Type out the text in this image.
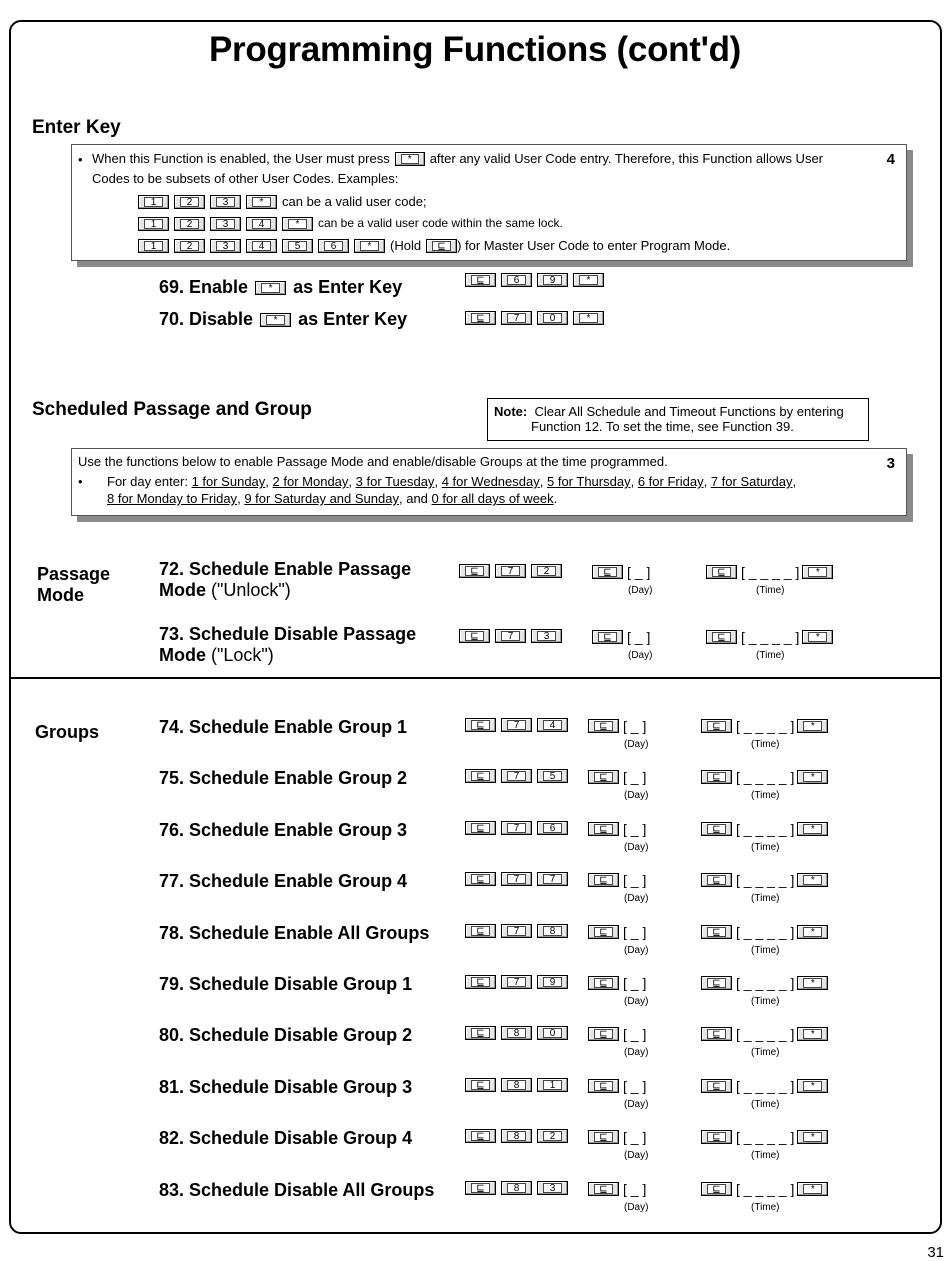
Programming Functions (cont'd)
Enter Key
4
• When this Function is enabled, the User must press	*	after any valid User Code entry. Therefore, this Function allows User
Codes to be subsets of other User Codes. Examples:
1	2	3	*	can be a valid user code;
1	2	3	4	*	can be a valid user code within the same lock.
1	2	3	4	5	6	*	(Hold	⊑ ) for Master User Code to enter Program Mode.
69. Enable	*	as Enter Key	⊑	6	9	*
70. Disable	*	as Enter Key	⊑	7	0	*
Scheduled Passage and Group	Note: Clear All Schedule and Timeout Functions by entering
Function 12. To set the time, see Function 39.
3
Use the functions below to enable Passage Mode and enable/disable Groups at the time programmed.
• For day enter:
1 for Sunday ,
2 for Monday ,
3 for Tuesday ,
4 for Wednesday ,
5 for Thursday ,
6 for Friday ,
7 for Saturday ,
8 for Monday to Friday ,
9 for Saturday and Sunday , and
0 for all days of week .
Passage
Mode
72. Schedule Enable Passage
Mode ("Unlock")
⊑	7	2	⊑	[ _ ]
(Day)
⊑	[ _ _ _ _ ]	*
(Time)
73. Schedule Disable Passage
Mode ("Lock")
⊑	7	3	⊑	[ _ ]
(Day)
⊑	[ _ _ _ _ ]	*
(Time)
Groups	74. Schedule Enable Group 1	⊑	7	4	⊑	[ _ ]
(Day)
⊑	[ _ _ _ _ ]	*
(Time)
75. Schedule Enable Group 2	⊑	7	5	⊑	[ _ ]
(Day)
⊑	[ _ _ _ _ ]	*
(Time)
76. Schedule Enable Group 3	⊑	7	6	⊑	[ _ ]
(Day)
⊑	[ _ _ _ _ ]	*
(Time)
77. Schedule Enable Group 4	⊑	7	7	⊑	[ _ ]
(Day)
⊑	[ _ _ _ _ ]	*
(Time)
78. Schedule Enable All Groups	⊑	7	8	⊑	[ _ ]
(Day)
⊑	[ _ _ _ _ ]	*
(Time)
79. Schedule Disable Group 1	⊑	7	9	⊑	[ _ ]
(Day)
⊑	[ _ _ _ _ ]	*
(Time)
80. Schedule Disable Group 2	⊑	8	0	⊑	[ _ ]
(Day)
⊑	[ _ _ _ _ ]	*
(Time)
81. Schedule Disable Group 3	⊑	8	1	⊑	[ _ ]
(Day)
⊑	[ _ _ _ _ ]	*
(Time)
82. Schedule Disable Group 4	⊑	8	2	⊑	[ _ ]
(Day)
⊑	[ _ _ _ _ ]	*
(Time)
83. Schedule Disable All Groups	⊑	8	3	⊑	[ _ ]
(Day)
⊑	[ _ _ _ _ ]	*
(Time)
31
